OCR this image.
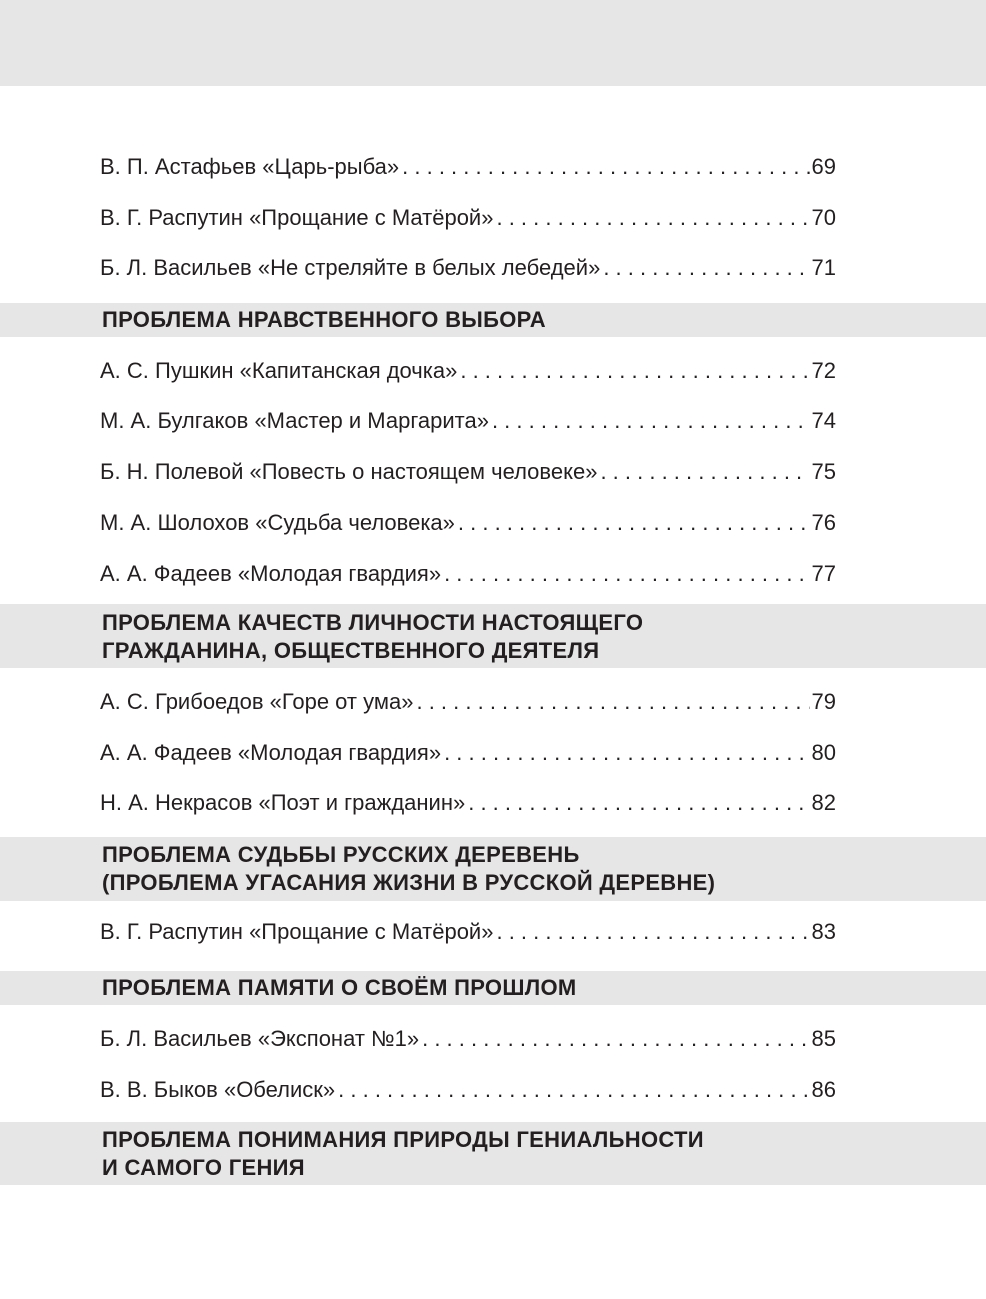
В. П. Астафьев «Царь-рыба» . . .	69
В. Г. Распутин «Прощание с Матёрой» . . .	70
Б. Л. Васильев «Не стреляйте в белых лебедей» . . .	71
ПРОБЛЕМА НРАВСТВЕННОГО ВЫБОРА
А. С. Пушкин «Капитанская дочка» . . .	72
М. А. Булгаков «Мастер и Маргарита» . . .	74
Б. Н. Полевой «Повесть о настоящем человеке» . . .	75
М. А. Шолохов «Судьба человека» . . .	76
А. А. Фадеев «Молодая гвардия» . . .	77
ПРОБЛЕМА КАЧЕСТВ ЛИЧНОСТИ НАСТОЯЩЕГО
ГРАЖДАНИНА, ОБЩЕСТВЕННОГО ДЕЯТЕЛЯ
А. С. Грибоедов «Горе от ума» . . .	79
А. А. Фадеев «Молодая гвардия» . . .	80
Н. А. Некрасов «Поэт и гражданин» . . .	82
ПРОБЛЕМА СУДЬБЫ РУССКИХ ДЕРЕВЕНЬ
(ПРОБЛЕМА УГАСАНИЯ ЖИЗНИ В РУССКОЙ ДЕРЕВНЕ)
В. Г. Распутин «Прощание с Матёрой» . . .	83
ПРОБЛЕМА ПАМЯТИ О СВОЁМ ПРОШЛОМ
Б. Л. Васильев «Экспонат №1» . . .	85
В. В. Быков «Обелиск» . . .	86
ПРОБЛЕМА ПОНИМАНИЯ ПРИРОДЫ ГЕНИАЛЬНОСТИ
И САМОГО ГЕНИЯ
